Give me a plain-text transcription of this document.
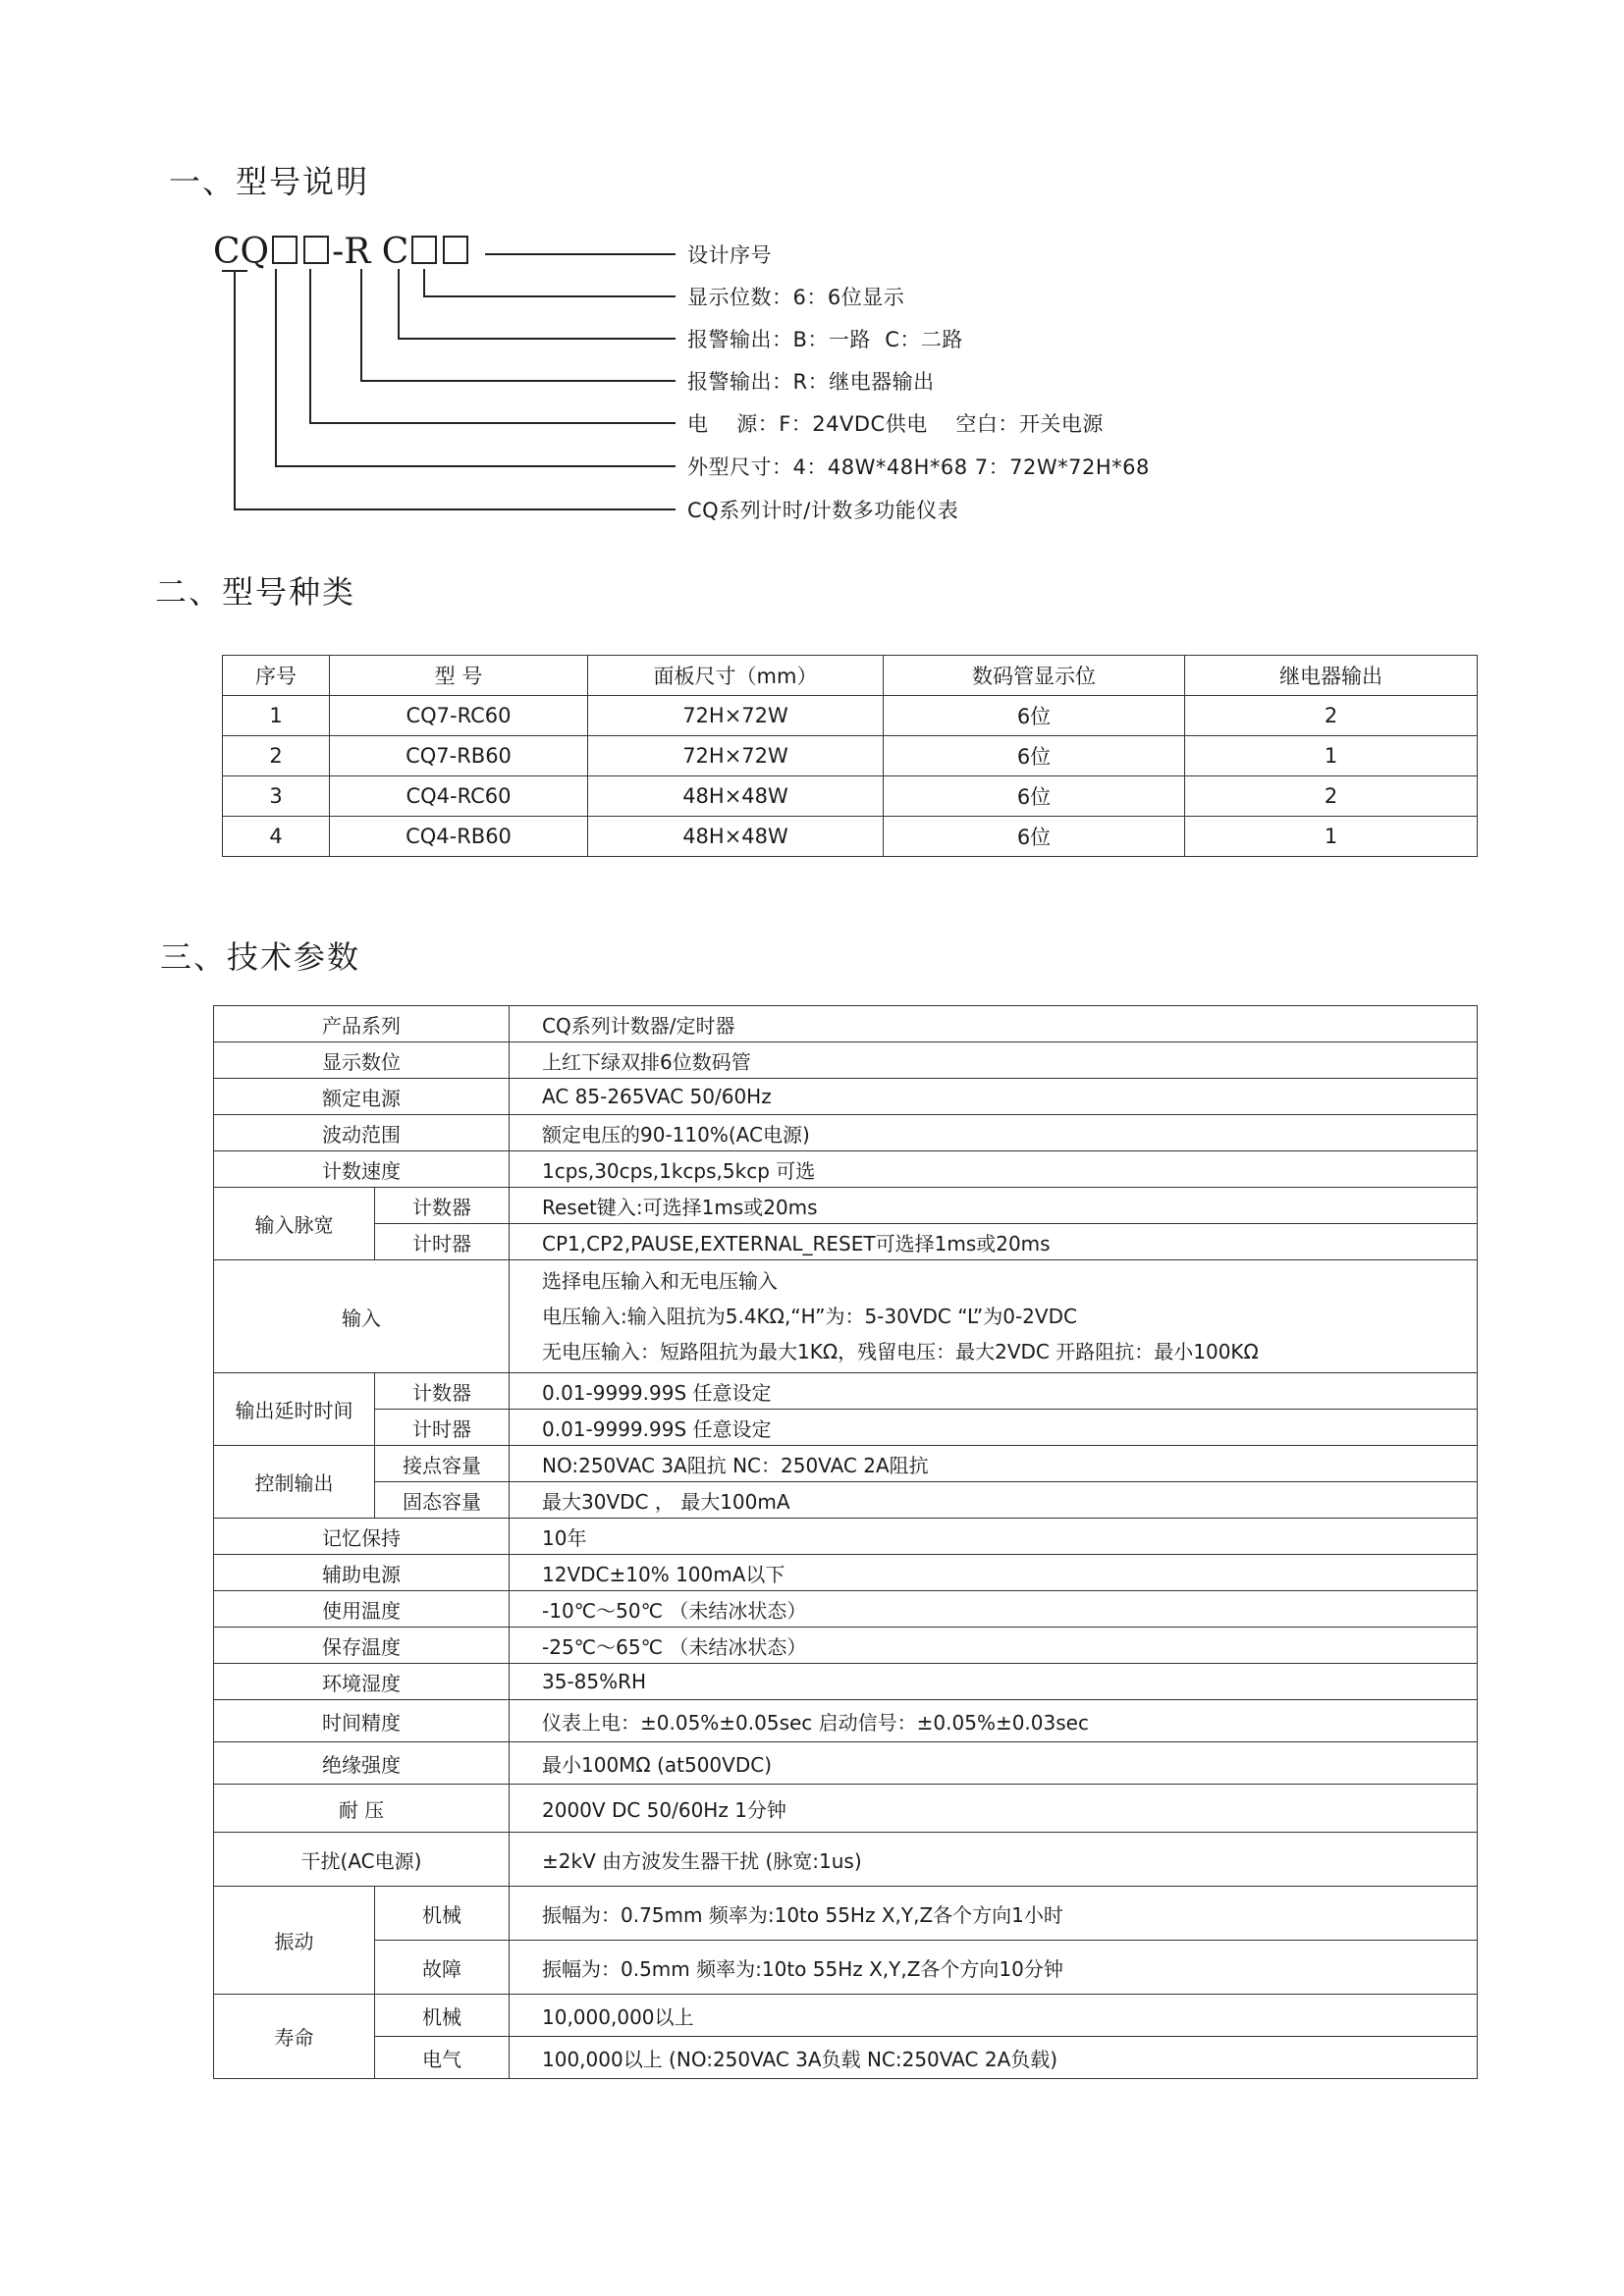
一、型号说明
CQ -R C	设计序号
显示位数：6：6位显示
报警输出：B：一路  C：二路
报警输出：R：继电器输出
电    源：F：24VDC供电    空白：开关电源
外型尺寸：4：48W*48H*68 7：72W*72H*68
CQ系列计时/计数多功能仪表
二、型号种类
序号	型 号	面板尺寸（mm）	数码管显示位	继电器输出
1	CQ7-RC60	72H×72W	6位	2
2	CQ7-RB60	72H×72W	6位	1
3	CQ4-RC60	48H×48W	6位	2
4	CQ4-RB60	48H×48W	6位	1
三、技术参数
产品系列		CQ系列计数器/定时器
显示数位		上红下绿双排6位数码管
额定电源		AC 85-265VAC 50/60Hz
波动范围		额定电压的90-110%(AC电源)
计数速度		1cps,30cps,1kcps,5kcp 可选
输入脉宽	计数器	Reset键入:可选择1ms或20ms
	计时器	CP1,CP2,PAUSE,EXTERNAL_RESET可选择1ms或20ms
输入		选择电压输入和无电压输入
电压输入:输入阻抗为5.4KΩ,“H”为：5-30VDC “L”为0-2VDC
无电压输入：短路阻抗为最大1KΩ，残留电压：最大2VDC 开路阻抗：最小100KΩ

输出延时时间	计数器	0.01-9999.99S 任意设定
	计时器	0.01-9999.99S 任意设定
控制输出	接点容量	NO:250VAC 3A阻抗 NC：250VAC 2A阻抗
	固态容量	最大30VDC ， 最大100mA
记忆保持		10年
辅助电源		12VDC±10% 100mA以下
使用温度		-10℃～50℃ （未结冰状态）
保存温度		-25℃～65℃ （未结冰状态）
环境湿度		35-85%RH
时间精度		仪表上电：±0.05%±0.05sec 启动信号：±0.05%±0.03sec
绝缘强度		最小100MΩ (at500VDC)
耐 压		2000V DC 50/60Hz 1分钟
干扰(AC电源)		±2kV 由方波发生器干扰 (脉宽:1us)
振动	机械	振幅为：0.75mm 频率为:10to 55Hz X,Y,Z各个方向1小时
	故障	振幅为：0.5mm 频率为:10to 55Hz X,Y,Z各个方向10分钟
寿命	机械	10,000,000以上
	电气	100,000以上 (NO:250VAC 3A负载 NC:250VAC 2A负载)
